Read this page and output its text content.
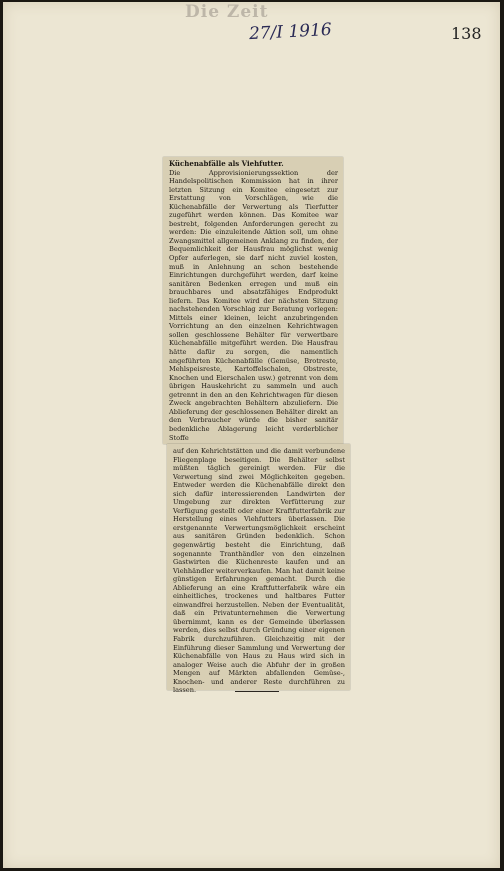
Die Zeit
27/I 1916	138
Küchenabfälle als Viehfutter.

Die Approvisionierungssektion der Handelspolitischen Kommission hat in ihrer letzten Sitzung ein Komitee eingesetzt zur Erstattung von Vorschlägen, wie die Küchenabfälle der Verwertung als Tierfutter zugeführt werden können. Das Komitee war bestrebt, folgenden Anforderungen gerecht zu werden: Die einzuleitende Aktion soll, um ohne Zwangsmittel allgemeinen Anklang zu finden, der Bequemlichkeit der Hausfrau möglichst wenig Opfer auferlegen, sie darf nicht zuviel kosten, muß in Anlehnung an schon bestehende Einrichtungen durchgeführt werden, darf keine sanitären Bedenken erregen und muß ein brauchbares und absatzfähiges Endprodukt liefern. Das Komitee wird der nächsten Sitzung nachstehenden Vorschlag zur Beratung vorlegen: Mittels einer kleinen, leicht anzubringenden Vorrichtung an den einzelnen Kehrichtwagen sollen geschlossene Behälter für verwertbare Küchenabfälle mitgeführt werden. Die Hausfrau hätte dafür zu sorgen, die namentlich angeführten Küchenabfälle (Gemüse, Brotreste, Mehlspeisreste, Kartoffelschalen, Obstreste, Knochen und Eierschalen usw.) getrennt von dem übrigen Hauskehricht zu sammeln und auch getrennt in den an den Kehrichtwagen für diesen Zweck angebrachten Behältern abzuliefern. Die Ablieferung der geschlossenen Behälter direkt an den Verbraucher würde die bisher sanitär bedenkliche Ablagerung leicht verderblicher Stoffe

auf den Kehrichtstätten und die damit verbundene Fliegenplage beseitigen. Die Behälter selbst müßten täglich gereinigt werden. Für die Verwertung sind zwei Möglichkeiten gegeben. Entweder werden die Küchenabfälle direkt den sich dafür interessierenden Landwirten der Umgebung zur direkten Verfütterung zur Verfügung gestellt oder einer Kraftfutterfabrik zur Herstellung eines Viehfutters überlassen. Die erstgenannte Verwertungsmöglichkeit erscheint aus sanitären Gründen bedenklich. Schon gegenwärtig besteht die Einrichtung, daß sogenannte Tranthändler von den einzelnen Gastwirten die Küchenreste kaufen und an Viehhändler weiterverkaufen. Man hat damit keine günstigen Erfahrungen gemacht. Durch die Ablieferung an eine Kraftfutterfabrik wäre ein einheitliches, trockenes und haltbares Futter einwandfrei herzustellen. Neben der Eventualität, daß ein Privatunternehmen die Verwertung übernimmt, kann es der Gemeinde überlassen werden, dies selbst durch Gründung einer eigenen Fabrik durchzuführen. Gleichzeitig mit der Einführung dieser Sammlung und Verwertung der Küchenabfälle von Haus zu Haus wird sich in analoger Weise auch die Abfuhr der in großen Mengen auf Märkten abfallenden Gemüse-, Knochen- und anderer Reste durchführen zu lassen.
